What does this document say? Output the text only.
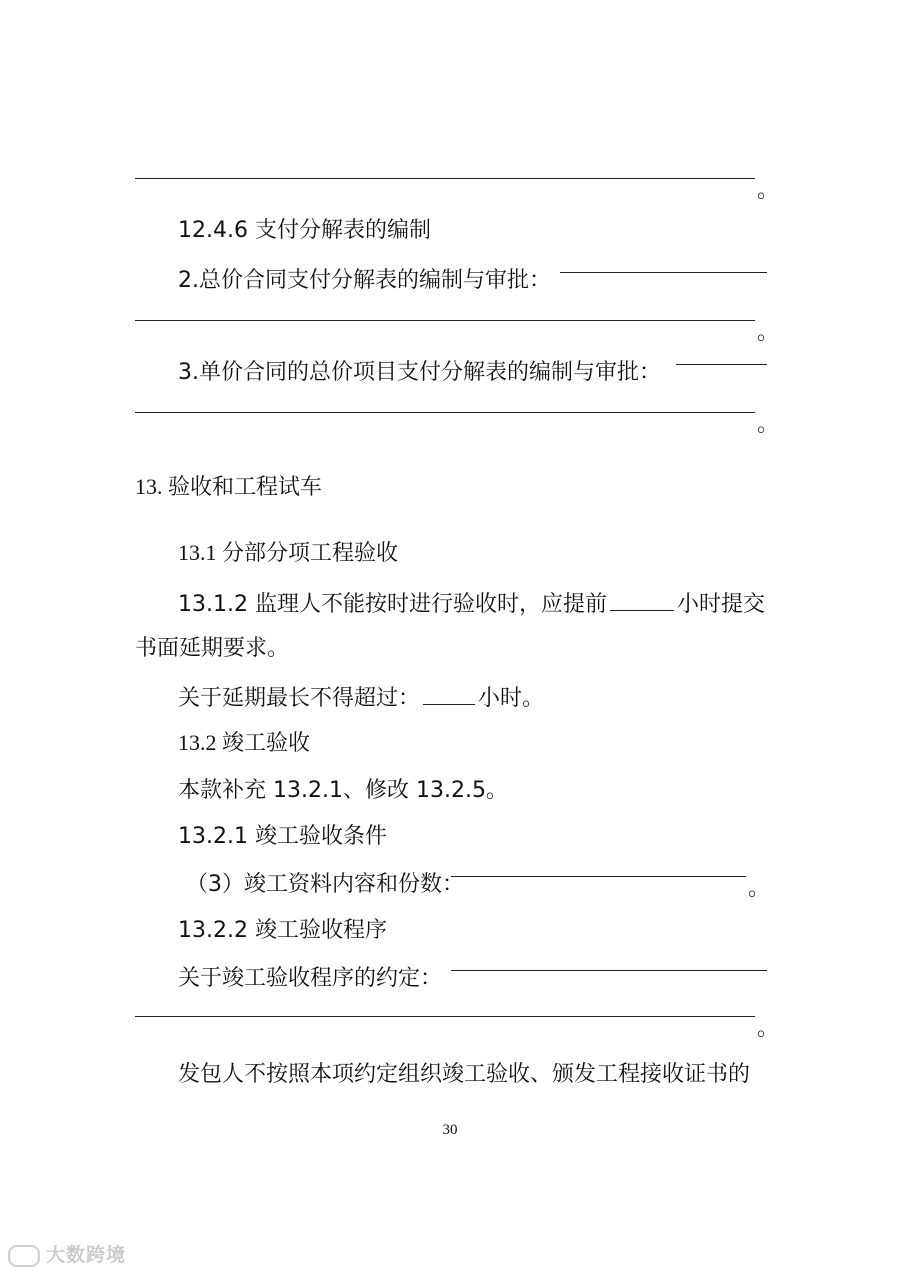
。
12.4.6 支付分解表的编制
2.总价合同支付分解表的编制与审批：
。
3.单价合同的总价项目支付分解表的编制与审批：
。
13. 验收和工程试车
13.1 分部分项工程验收
13.1.2 监理人不能按时进行验收时，应提前	小时提交
书面延期要求。
关于延期最长不得超过：	小时。
13.2 竣工验收
本款补充 13.2.1、修改 13.2.5。
13.2.1 竣工验收条件
（3）竣工资料内容和份数：	。
13.2.2 竣工验收程序
关于竣工验收程序的约定：
。
发包人不按照本项约定组织竣工验收、颁发工程接收证书的
30
大数跨境
